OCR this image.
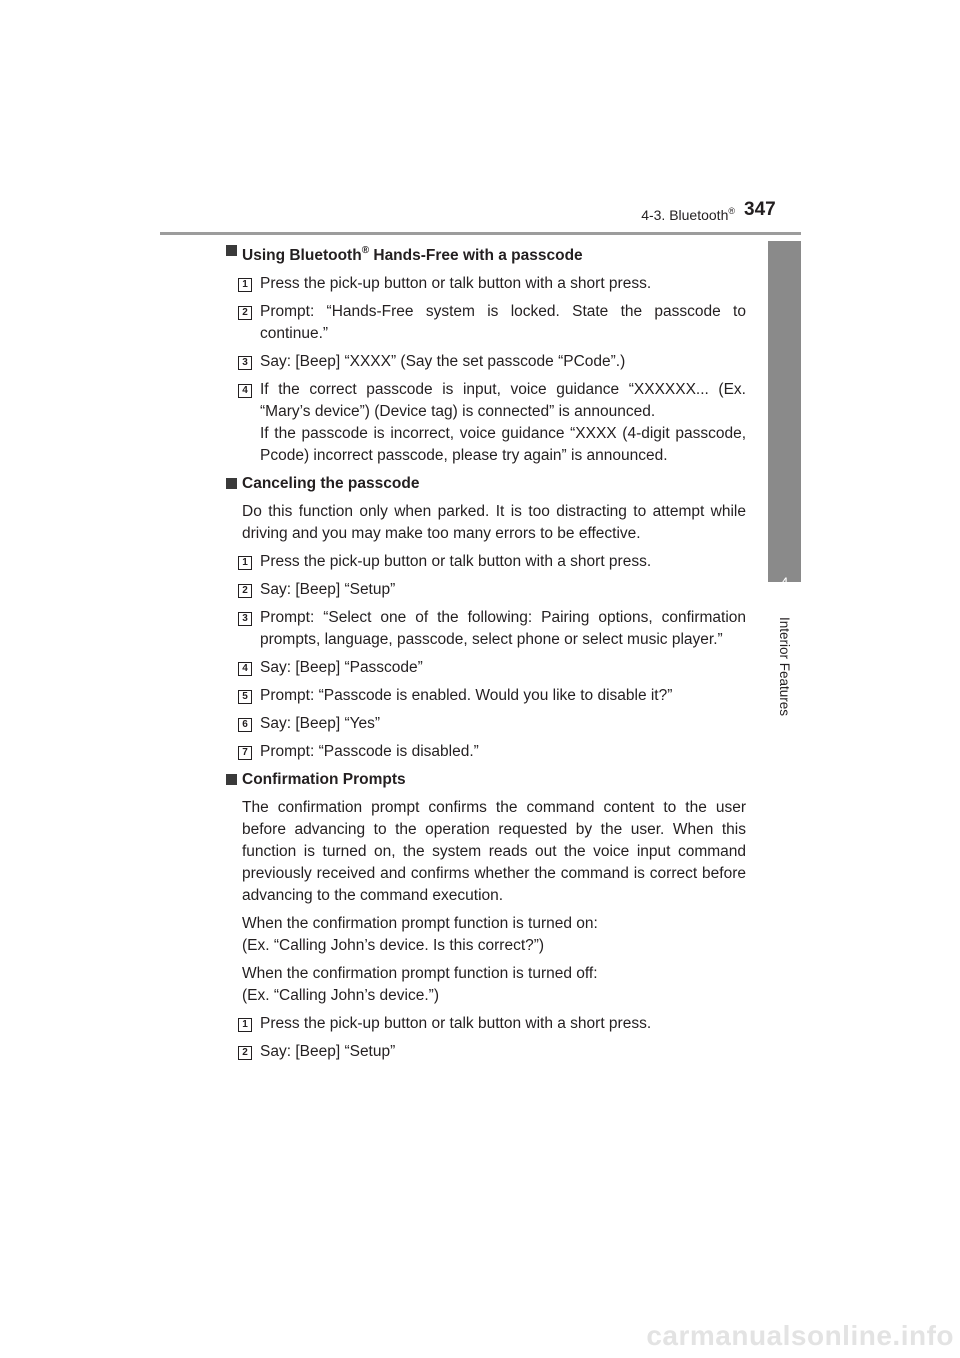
4-3. Bluetooth® 347
4
Interior Features

Using Bluetooth® Hands-Free with a passcode

1 Press the pick-up button or talk button with a short press.

2 Prompt: “Hands-Free system is locked. State the passcode to continue.”

3 Say: [Beep] “XXXX” (Say the set passcode “PCode”.)

4 If the correct passcode is input, voice guidance “XXXXXX... (Ex. “Mary’s device”) (Device tag) is connected” is announced.

If the passcode is incorrect, voice guidance “XXXX (4-digit passcode, Pcode) incorrect passcode, please try again” is announced.

Canceling the passcode

Do this function only when parked. It is too distracting to attempt while driving and you may make too many errors to be effective.

1 Press the pick-up button or talk button with a short press.

2 Say: [Beep] “Setup”

3 Prompt: “Select one of the following: Pairing options, confirmation prompts, language, passcode, select phone or select music player.”

4 Say: [Beep] “Passcode”

5 Prompt: “Passcode is enabled. Would you like to disable it?”

6 Say: [Beep] “Yes”

7 Prompt: “Passcode is disabled.”

Confirmation Prompts

The confirmation prompt confirms the command content to the user before advancing to the operation requested by the user. When this function is turned on, the system reads out the voice input command previously received and confirms whether the command is correct before advancing to the command execution.

When the confirmation prompt function is turned on:

(Ex. “Calling John’s device. Is this correct?”)

When the confirmation prompt function is turned off:

(Ex. “Calling John’s device.”)

1 Press the pick-up button or talk button with a short press.

2 Say: [Beep] “Setup”

carmanualsonline.info
